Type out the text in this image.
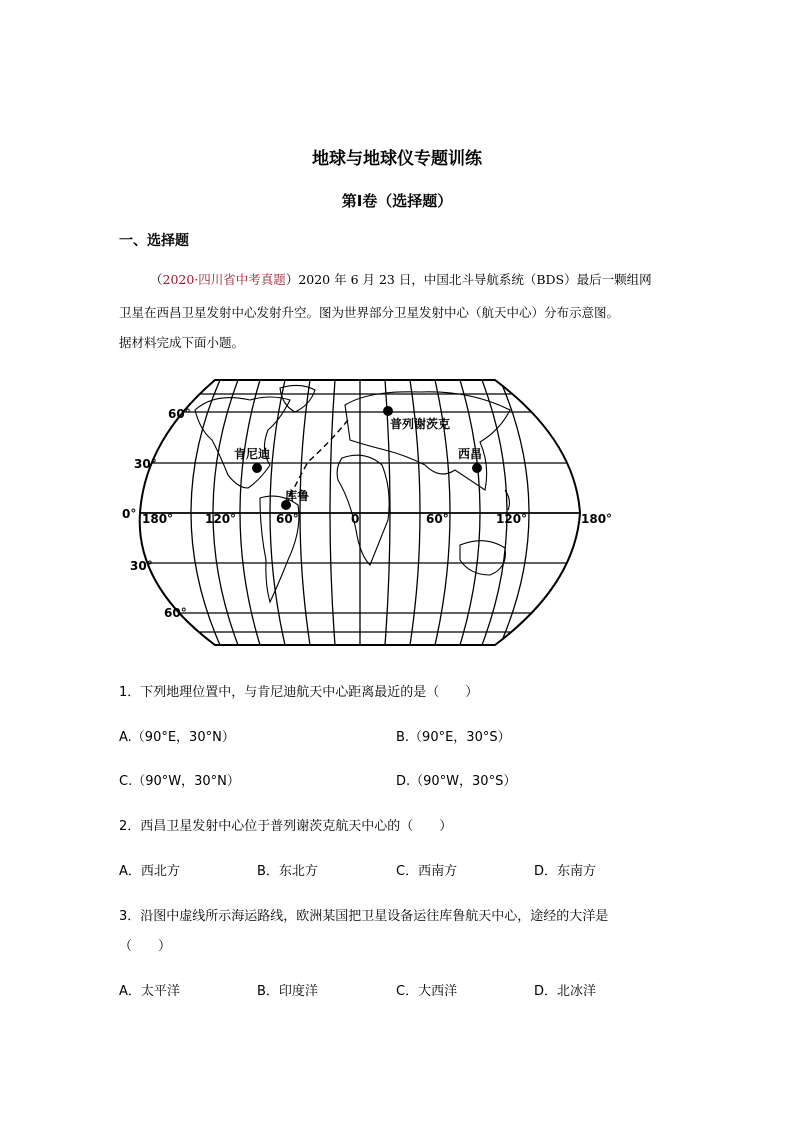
地球与地球仪专题训练
第Ⅰ卷（选择题）
一、选择题
（2020·四川省中考真题）2020 年 6 月 23 日，中国北斗导航系统（BDS）最后一颗组网
卫星在西昌卫星发射中心发射升空。图为世界部分卫星发射中心（航天中心）分布示意图。
据材料完成下面小题。
普列谢茨克
肯尼迪	西昌
库鲁
60°
30°
0°
30°
60°
180°	120°	60°	0	60°	120°	180°
1．下列地理位置中，与肯尼迪航天中心距离最近的是（　　）
A.（90°E，30°N）	B.（90°E，30°S）
C.（90°W，30°N）	D.（90°W，30°S）
2．西昌卫星发射中心位于普列谢茨克航天中心的（　　）
A．西北方	B．东北方	C．西南方	D．东南方
3．沿图中虚线所示海运路线，欧洲某国把卫星设备运往库鲁航天中心，途经的大洋是
（　　）
A．太平洋	B．印度洋	C．大西洋	D．北冰洋
